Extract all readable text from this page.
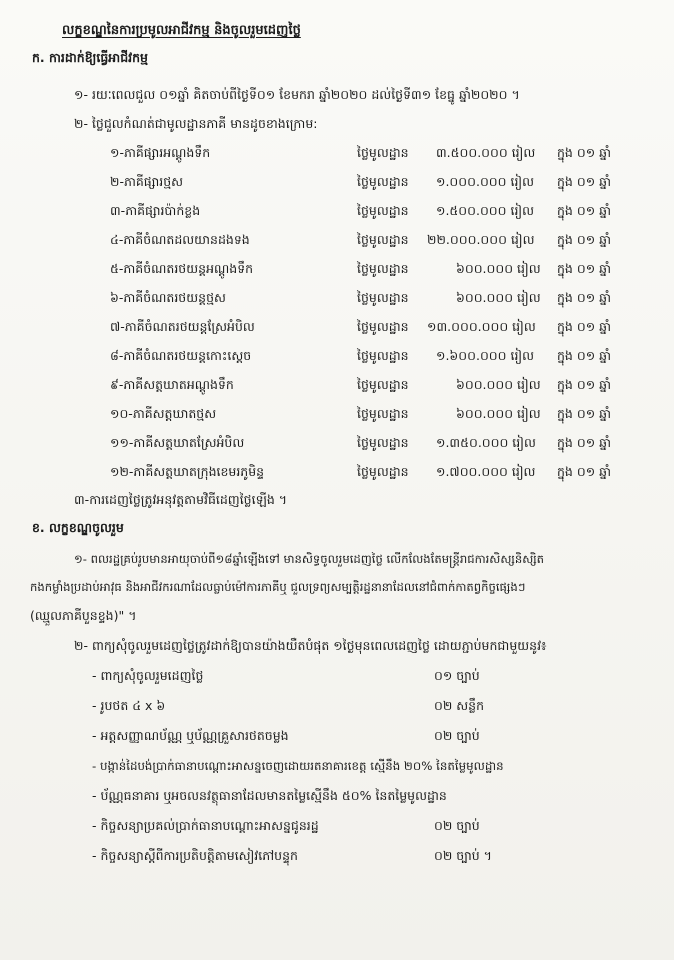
លក្ខខណ្ឌនៃការប្រមូលអាជីវកម្ម និងចូលរួមដេញថ្លៃ
ក. ការដាក់ឱ្យធ្វើអាជីវកម្ម
១- រយៈពេលជួល ០១ឆ្នាំ គិតចាប់ពីថ្ងៃទី០១ ខែមករា ឆ្នាំ២០២០ ដល់ថ្ងៃទី៣១ ខែធ្នូ ឆ្នាំ២០២០ ។
២- ថ្លៃជួលកំណត់ជាមូលដ្ឋានភាគី មានដូចខាងក្រោម:
១-ភាគីផ្សារអណ្តូងទឹក	ថ្លៃមូលដ្ឋាន ៣.៥០០.០០០ រៀល ក្នុង ០១ ឆ្នាំ
២-ភាគីផ្សារថ្មស	ថ្លៃមូលដ្ឋាន ១.០០០.០០០ រៀល ក្នុង ០១ ឆ្នាំ
៣-ភាគីផ្សារប៉ាក់ខ្លង	ថ្លៃមូលដ្ឋាន ១.៥០០.០០០ រៀល ក្នុង ០១ ឆ្នាំ
៤-ភាគីចំណតដលយានដងទង	ថ្លៃមូលដ្ឋាន ២២.០០០.០០០ រៀល ក្នុង ០១ ឆ្នាំ
៥-ភាគីចំណតរថយន្តអណ្តូងទឹក	ថ្លៃមូលដ្ឋាន	៦០០.០០០ រៀល ក្នុង ០១ ឆ្នាំ
៦-ភាគីចំណតរថយន្តថ្មស	ថ្លៃមូលដ្ឋាន	៦០០.០០០ រៀល ក្នុង ០១ ឆ្នាំ
៧-ភាគីចំណតរថយន្តស្រែអំបិល	ថ្លៃមូលដ្ឋាន ១៣.០០០.០០០ រៀល ក្នុង ០១ ឆ្នាំ
៨-ភាគីចំណតរថយន្តកោះស្តេច	ថ្លៃមូលដ្ឋាន ១.៦០០.០០០ រៀល ក្នុង ០១ ឆ្នាំ
៩-ភាគីសត្តឃាតអណ្តូងទឹក	ថ្លៃមូលដ្ឋាន	៦០០.០០០ រៀល ក្នុង ០១ ឆ្នាំ
១០-ភាគីសត្តឃាតថ្មស	ថ្លៃមូលដ្ឋាន	៦០០.០០០ រៀល ក្នុង ០១ ឆ្នាំ
១១-ភាគីសត្តឃាតស្រែអំបិល	ថ្លៃមូលដ្ឋាន ១.៣៥០.០០០ រៀល ក្នុង ០១ ឆ្នាំ
១២-ភាគីសត្តឃាតក្រុងខេមរភូមិន្ទ	ថ្លៃមូលដ្ឋាន ១.៧០០.០០០ រៀល ក្នុង ០១ ឆ្នាំ
៣-ការដេញថ្លៃត្រូវអនុវត្តតាមវិធីដេញថ្លៃឡើង ។
ខ. លក្ខខណ្ឌចូលរួម
១- ពលរដ្ឋគ្រប់រូបមានអាយុចាប់ពី១៨ឆ្នាំឡើងទៅ មានសិទ្ធចូលរួមដេញថ្លៃ លើកលែងតែមន្ត្រីរាជការសិស្សនិស្សិត
កងកម្លាំងប្រដាប់អាវុធ និងអាជីវករណាដែលធ្លាប់ម៉ៅការភាគីឬ ជួលទ្រព្យសម្បត្តិរដ្ឋនានាដែលនៅជំពាក់កាតព្វកិច្ចផ្សេងៗ
(ឈ្មួលភាគីបួនខ្ទង)" ។
២- ពាក្យសុំចូលរួមដេញថ្លៃត្រូវដាក់ឱ្យបានយ៉ាងយឺតបំផុត ១ថ្ងៃមុនពេលដេញថ្លៃ ដោយភ្ជាប់មកជាមួយនូវ៖
- ពាក្យសុំចូលរួមដេញថ្លៃ	០១ ច្បាប់
- រូបថត ៤ x ៦	០២ សន្លឹក
- អត្តសញ្ញាណប័ណ្ណ ឬប័ណ្ណគ្រួសារថតចម្លង	០២ ច្បាប់
- បង្កាន់ដៃបង់ប្រាក់ធានាបណ្តោះអាសន្នចេញដោយរតនាគារខេត្ត ស្មើនឹង ២០% នៃតម្លៃមូលដ្ឋាន
- ប័ណ្ណធនាគារ ឬអចលនវត្ថុធានាដែលមានតម្លៃស្មើនឹង ៥០% នៃតម្លៃមូលដ្ឋាន
- កិច្ចសន្យាប្រគល់ប្រាក់ធានាបណ្តោះអាសន្នជូនរដ្ឋ	០២ ច្បាប់
- កិច្ចសន្យាស្តីពីការប្រតិបត្តិតាមសៀវភៅបន្ទុក	០២ ច្បាប់ ។
